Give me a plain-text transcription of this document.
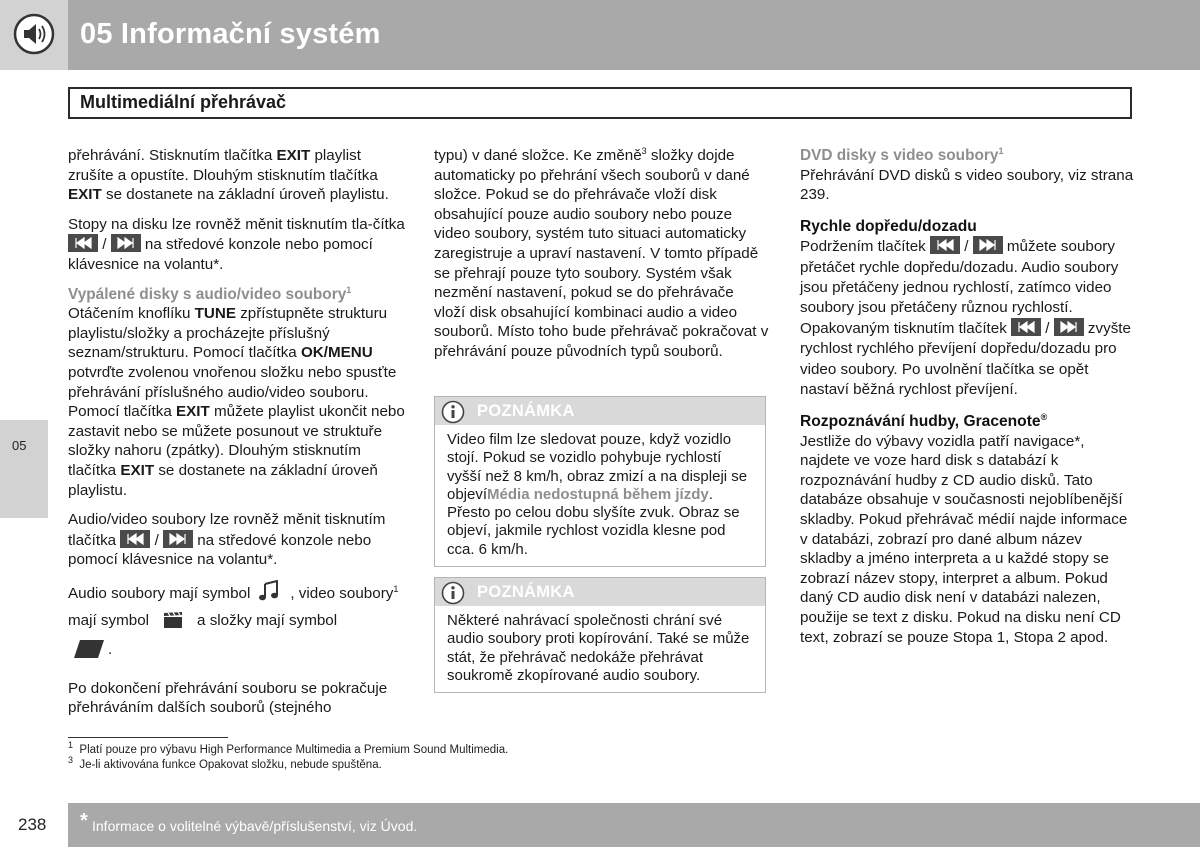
05 Informační systém
Multimediální přehrávač
05

přehrávání. Stisknutím tlačítka EXIT playlist zrušíte a opustíte. Dlouhým stisknutím tlačítka EXIT se dostanete na základní úroveň playlistu.

Stopy na disku lze rovněž měnit tisknutím tla-čítka
/
na středové konzole nebo pomocí klávesnice na volantu*.

Vypálené disky s audio/video soubory$^1$

Otáčením knoflíku TUNE zpřístupněte strukturu playlistu/složky a procházejte příslušný seznam/strukturu. Pomocí tlačítka OK/MENU potvrďte zvolenou vnořenou složku nebo spusťte přehrávání příslušného audio/video souboru. Pomocí tlačítka EXIT můžete playlist ukončit nebo zastavit nebo se můžete posunout ve struktuře složky nahoru (zpátky). Dlouhým stisknutím tlačítka EXIT se dostanete na základní úroveň playlistu.

Audio/video soubory lze rovněž měnit tisknutím tlačítka
/
na středové konzole nebo pomocí klávesnice na volantu*.

Audio soubory mají symbol	, video soubory$^1$ mají symbol	a složky mají symbol
.

Po dokončení přehrávání souboru se pokračuje přehráváním dalších souborů (stejného

typu) v dané složce. Ke změně$^3$ složky dojde automaticky po přehrání všech souborů v dané složce. Pokud se do přehrávače vloží disk obsahující pouze audio soubory nebo pouze video soubory, systém tuto situaci automaticky zaregistruje a upraví nastavení. V tomto případě se přehrají pouze tyto soubory. Systém však nezmění nastavení, pokud se do přehrávače vloží disk obsahující kombinaci audio a video souborů. Místo toho bude přehrávač pokračovat v přehrávání pouze původních typů souborů.

POZNÁMKA
Video film lze sledovat pouze, když vozidlo stojí. Pokud se vozidlo pohybuje rychlostí vyšší než 8 km/h, obraz zmizí a na displeji se objevíMédia nedostupná během jízdy. Přesto po celou dobu slyšíte zvuk. Obraz se objeví, jakmile rychlost vozidla klesne pod cca. 6 km/h.
POZNÁMKA
Některé nahrávací společnosti chrání své audio soubory proti kopírování. Také se může stát, že přehrávač nedokáže přehrávat soukromě zkopírované audio soubory.
DVD disky s video soubory$^1$

Přehrávání DVD disků s video soubory, viz strana 239.

Rychle dopředu/dozadu

Podržením tlačítek
/
můžete soubory přetáčet rychle dopředu/dozadu. Audio soubory jsou přetáčeny jednou rychlostí, zatímco video soubory jsou přetáčeny různou rychlostí. Opakovaným tisknutím tlačítek
/
zvyšte rychlost rychlého převíjení dopředu/dozadu pro video soubory. Po uvolnění tlačítka se opět nastaví běžná rychlost převíjení.

Rozpoznávání hudby, Gracenote®

Jestliže do výbavy vozidla patří navigace*, najdete ve voze hard disk s databází k rozpoznávání hudby z CD audio disků. Tato databáze obsahuje v současnosti nejoblíbenější skladby. Pokud přehrávač médií najde informace v databázi, zobrazí pro dané album název skladby a jméno interpreta a u každé stopy se zobrazí název stopy, interpret a album. Pokud daný CD audio disk není v databázi nalezen, použije se text z disku. Pokud na disku není CD text, zobrazí se pouze Stopa 1, Stopa 2 apod.

$^1$ Platí pouze pro výbavu High Performance Multimedia a Premium Sound Multimedia.
$^3$ Je-li aktivována funkce Opakovat složku, nebude spuštěna.
238 * Informace o volitelné výbavě/příslušenství, viz Úvod.
